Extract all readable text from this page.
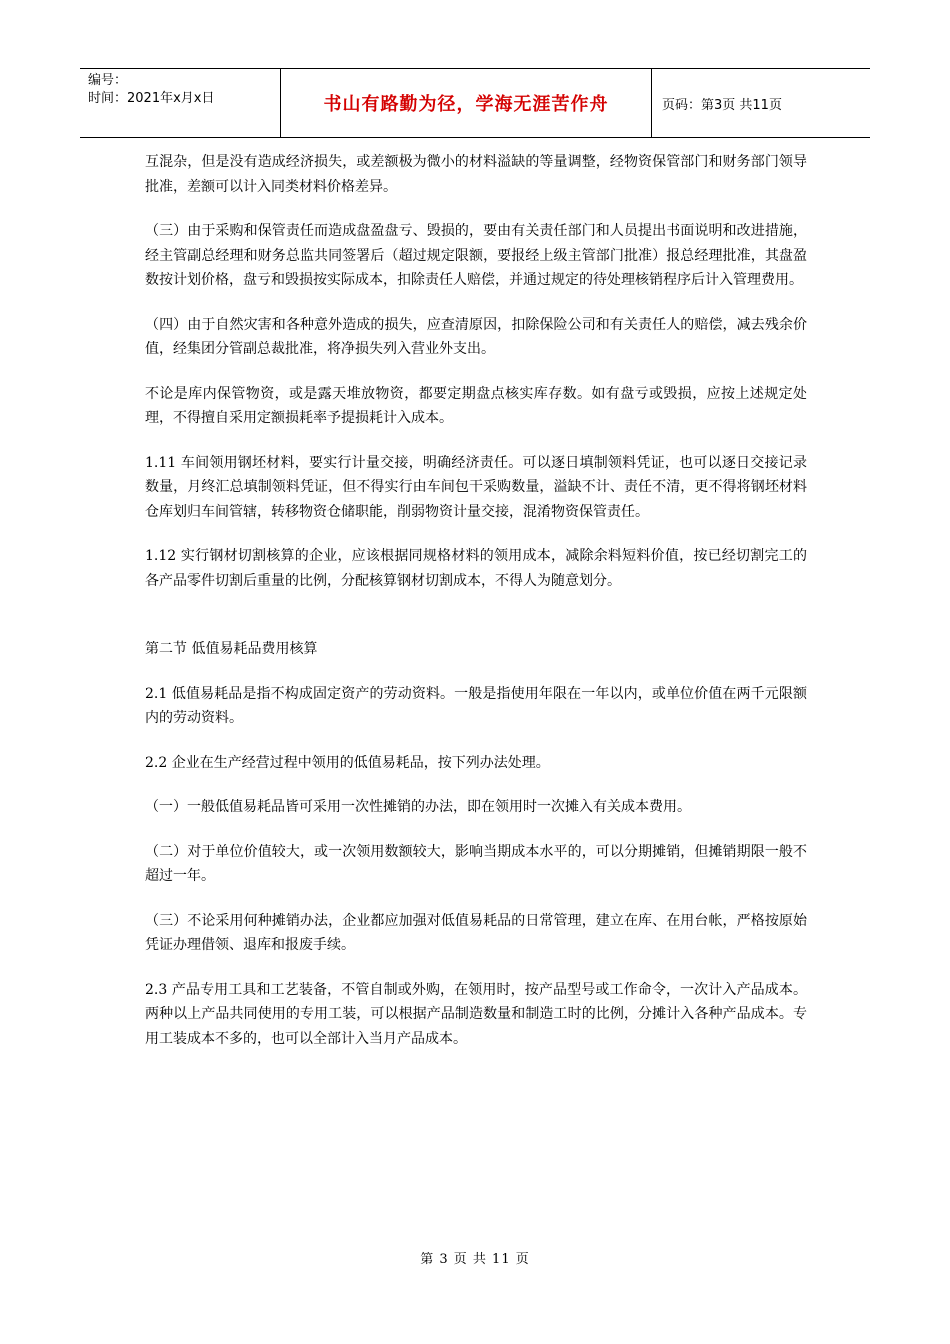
编号：
时间：2021年x月x日	书山有路勤为径，学海无涯苦作舟	页码：第3页 共11页

互混杂，但是没有造成经济损失，或差额极为微小的材料溢缺的等量调整，经物资保管部门和财务部门领导批准，差额可以计入同类材料价格差异。

（三）由于采购和保管责任而造成盘盈盘亏、毁损的，要由有关责任部门和人员提出书面说明和改进措施，经主管副总经理和财务总监共同签署后（超过规定限额，要报经上级主管部门批准）报总经理批准，其盘盈数按计划价格，盘亏和毁损按实际成本，扣除责任人赔偿，并通过规定的待处理核销程序后计入管理费用。

（四）由于自然灾害和各种意外造成的损失，应查清原因，扣除保险公司和有关责任人的赔偿，减去残余价值，经集团分管副总裁批准，将净损失列入营业外支出。

不论是库内保管物资，或是露天堆放物资，都要定期盘点核实库存数。如有盘亏或毁损，应按上述规定处理，不得擅自采用定额损耗率予提损耗计入成本。

1.11 车间领用钢坯材料，要实行计量交接，明确经济责任。可以逐日填制领料凭证，也可以逐日交接记录数量，月终汇总填制领料凭证，但不得实行由车间包干采购数量，溢缺不计、责任不清，更不得将钢坯材料仓库划归车间管辖，转移物资仓储职能，削弱物资计量交接，混淆物资保管责任。

1.12 实行钢材切割核算的企业，应该根据同规格材料的领用成本，减除余料短料价值，按已经切割完工的各产品零件切割后重量的比例，分配核算钢材切割成本，不得人为随意划分。

第二节 低值易耗品费用核算

2.1 低值易耗品是指不构成固定资产的劳动资料。一般是指使用年限在一年以内，或单位价值在两千元限额内的劳动资料。

2.2 企业在生产经营过程中领用的低值易耗品，按下列办法处理。

（一）一般低值易耗品皆可采用一次性摊销的办法，即在领用时一次摊入有关成本费用。

（二）对于单位价值较大，或一次领用数额较大，影响当期成本水平的，可以分期摊销，但摊销期限一般不超过一年。

（三）不论采用何种摊销办法，企业都应加强对低值易耗品的日常管理，建立在库、在用台帐，严格按原始凭证办理借领、退库和报废手续。

2.3 产品专用工具和工艺装备，不管自制或外购，在领用时，按产品型号或工作命令，一次计入产品成本。两种以上产品共同使用的专用工装，可以根据产品制造数量和制造工时的比例，分摊计入各种产品成本。专用工装成本不多的，也可以全部计入当月产品成本。

第 3 页 共 11 页
